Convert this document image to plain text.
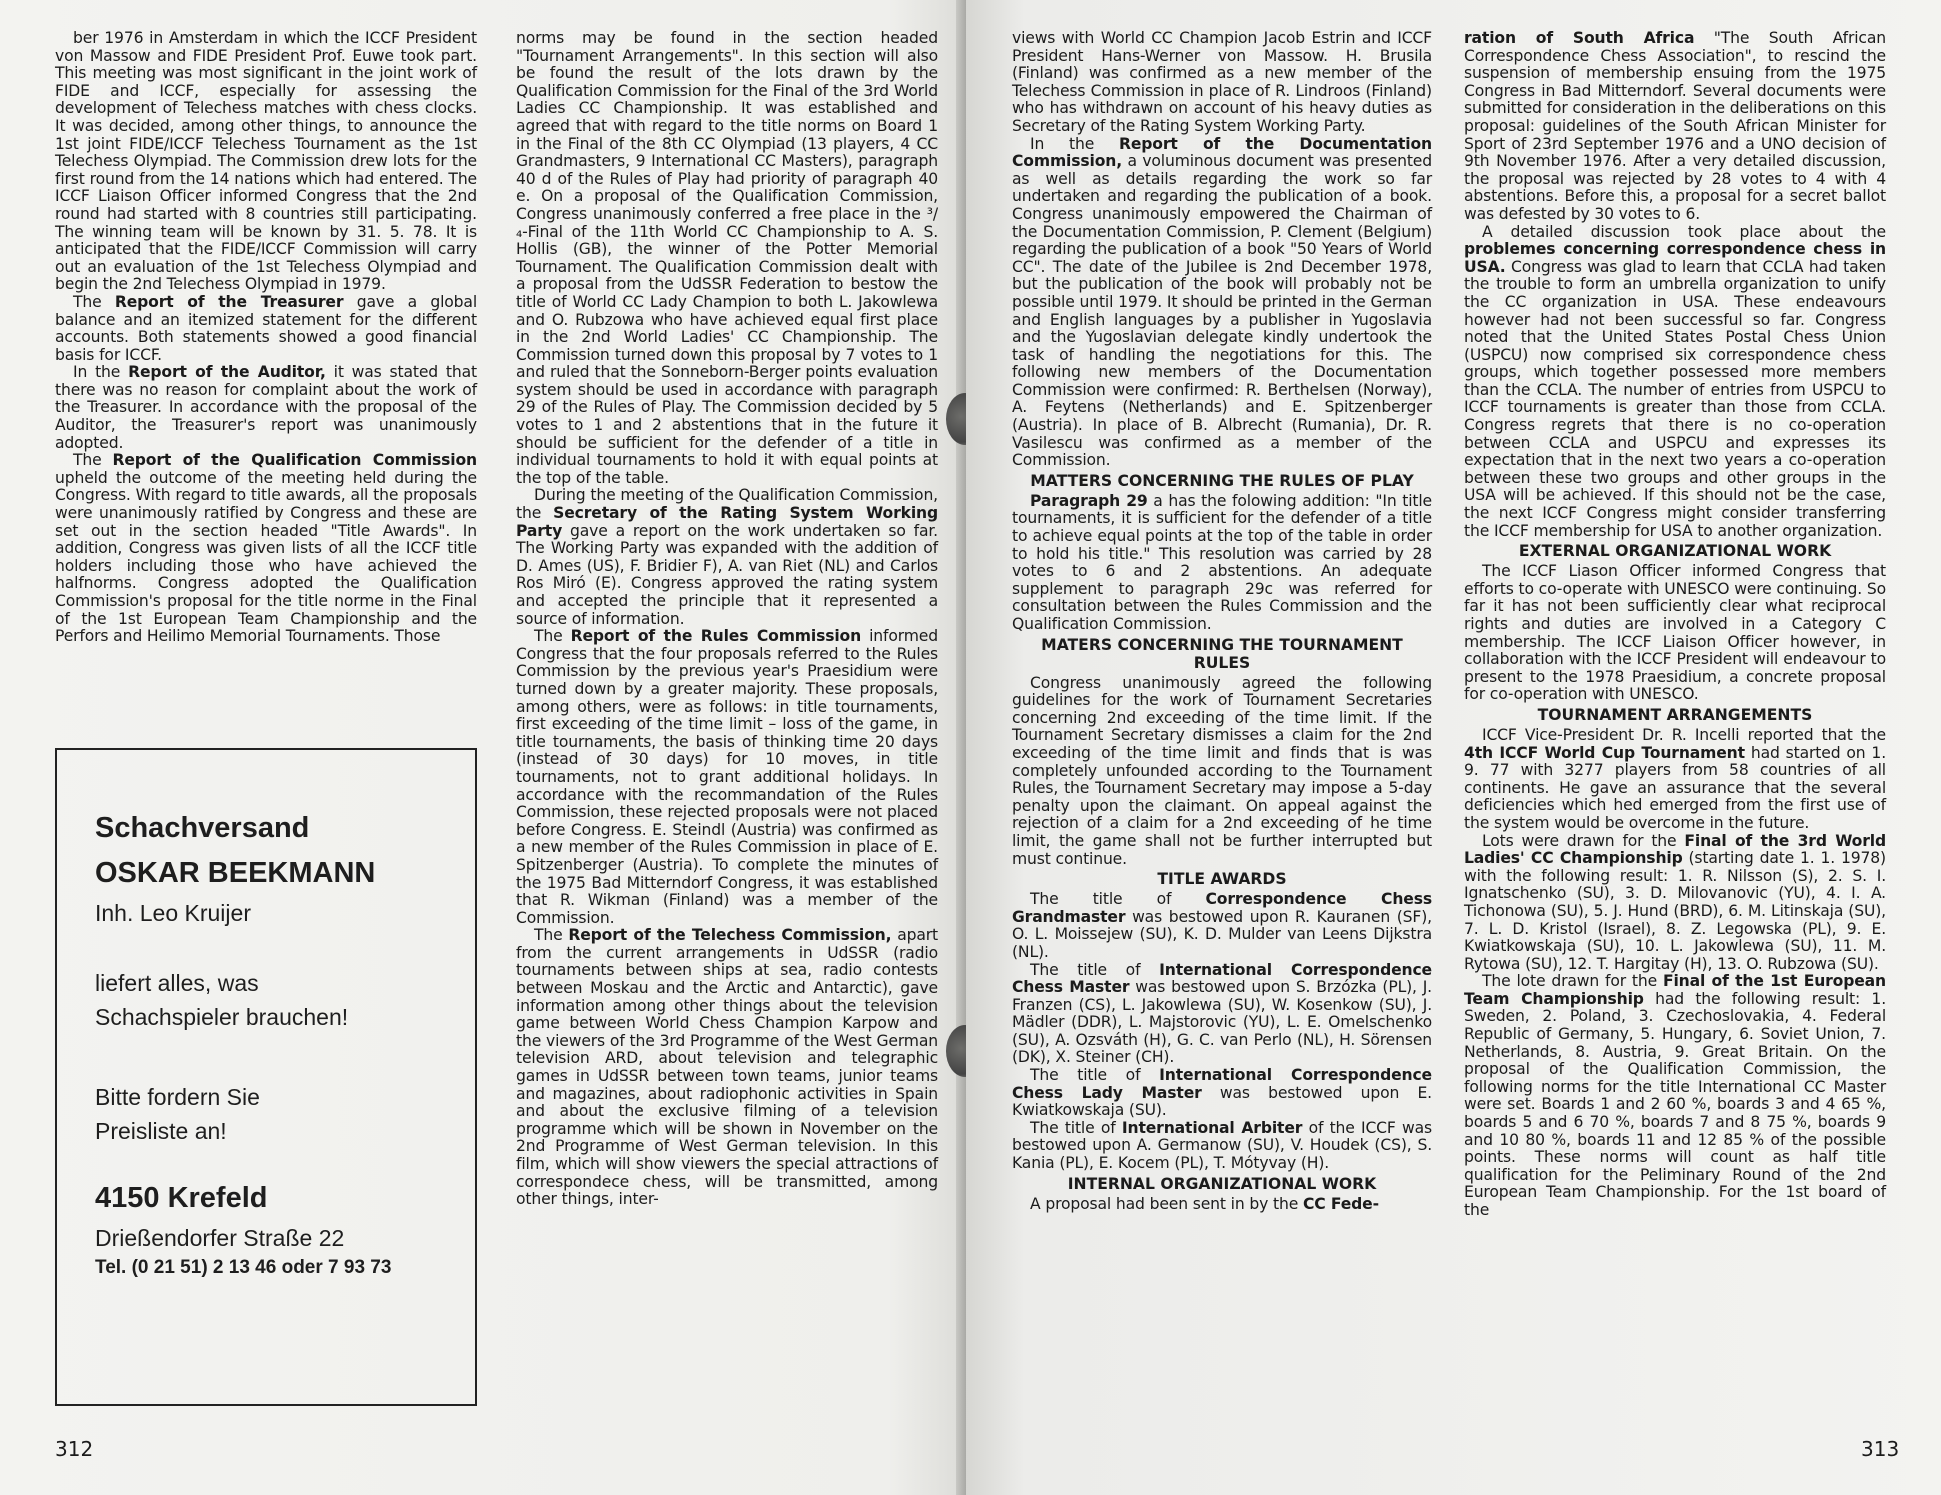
ber 1976 in Amsterdam in which the ICCF President von Massow and FIDE President Prof. Euwe took part. This meeting was most significant in the joint work of FIDE and ICCF, especially for assessing the development of Telechess matches with chess clocks. It was decided, among other things, to announce the 1st joint FIDE/ICCF Telechess Tournament as the 1st Telechess Olympiad. The Commission drew lots for the first round from the 14 nations which had entered. The ICCF Liaison Officer informed Congress that the 2nd round had started with 8 countries still participating. The winning team will be known by 31. 5. 78. It is anticipated that the FIDE/ICCF Commission will carry out an evaluation of the 1st Telechess Olympiad and begin the 2nd Telechess Olympiad in 1979.

The Report of the Treasurer gave a global balance and an itemized statement for the different accounts. Both statements showed a good financial basis for ICCF.

In the Report of the Auditor, it was stated that there was no reason for complaint about the work of the Treasurer. In accordance with the proposal of the Auditor, the Treasurer's report was unanimously adopted.

The Report of the Qualification Commission upheld the outcome of the meeting held during the Congress. With regard to title awards, all the proposals were unanimously ratified by Congress and these are set out in the section headed "Title Awards". In addition, Congress was given lists of all the ICCF title holders including those who have achieved the halfnorms. Congress adopted the Qualification Commission's proposal for the title norme in the Final of the 1st European Team Championship and the Perfors and Heilimo Memorial Tournaments. Those

Schachversand
OSKAR BEEKMANN
Inh. Leo Kruijer
liefert alles, was
Schachspieler brauchen!
Bitte fordern Sie
Preisliste an!
4150 Krefeld
Drießendorfer Straße 22
Tel. (0 21 51) 2 13 46 oder 7 93 73

norms may be found in the section headed "Tournament Arrangements". In this section will also be found the result of the lots drawn by the Qualification Commission for the Final of the 3rd World Ladies CC Championship. It was established and agreed that with regard to the title norms on Board 1 in the Final of the 8th CC Olympiad (13 players, 4 CC Grandmasters, 9 International CC Masters), paragraph 40 d of the Rules of Play had priority of paragraph 40 e. On a proposal of the Qualification Commission, Congress unanimously conferred a free place in the ³/₄-Final of the 11th World CC Championship to A. S. Hollis (GB), the winner of the Potter Memorial Tournament. The Qualification Commission dealt with a proposal from the UdSSR Federation to bestow the title of World CC Lady Champion to both L. Jakowlewa and O. Rubzowa who have achieved equal first place in the 2nd World Ladies' CC Championship. The Commission turned down this proposal by 7 votes to 1 and ruled that the Sonneborn-Berger points evaluation system should be used in accordance with paragraph 29 of the Rules of Play. The Commission decided by 5 votes to 1 and 2 abstentions that in the future it should be sufficient for the defender of a title in individual tournaments to hold it with equal points at the top of the table.

During the meeting of the Qualification Commission, the Secretary of the Rating System Working Party gave a report on the work undertaken so far. The Working Party was expanded with the addition of D. Ames (US), F. Bridier F), A. van Riet (NL) and Carlos Ros Miró (E). Congress approved the rating system and accepted the principle that it represented a source of information.

The Report of the Rules Commission informed Congress that the four proposals referred to the Rules Commission by the previous year's Praesidium were turned down by a greater majority. These proposals, among others, were as follows: in title tournaments, first exceeding of the time limit – loss of the game, in title tournaments, the basis of thinking time 20 days (instead of 30 days) for 10 moves, in title tournaments, not to grant additional holidays. In accordance with the recommandation of the Rules Commission, these rejected proposals were not placed before Congress. E. Steindl (Austria) was confirmed as a new member of the Rules Commission in place of E. Spitzenberger (Austria). To complete the minutes of the 1975 Bad Mitterndorf Congress, it was established that R. Wikman (Finland) was a member of the Commission.

The Report of the Telechess Commission, apart from the current arrangements in UdSSR (radio tournaments between ships at sea, radio contests between Moskau and the Arctic and Antarctic), gave information among other things about the television game between World Chess Champion Karpow and the viewers of the 3rd Programme of the West German television ARD, about television and telegraphic games in UdSSR between town teams, junior teams and magazines, about radiophonic activities in Spain and about the exclusive filming of a television programme which will be shown in November on the 2nd Programme of West German television. In this film, which will show viewers the special attractions of correspondece chess, will be transmitted, among other things, inter-

312

views with World CC Champion Jacob Estrin and ICCF President Hans-Werner von Massow. H. Brusila (Finland) was confirmed as a new member of the Telechess Commission in place of R. Lindroos (Finland) who has withdrawn on account of his heavy duties as Secretary of the Rating System Working Party.

In the Report of the Documentation Commission, a voluminous document was presented as well as details regarding the work so far undertaken and regarding the publication of a book. Congress unanimously empowered the Chairman of the Documentation Commission, P. Clement (Belgium) regarding the publication of a book "50 Years of World CC". The date of the Jubilee is 2nd December 1978, but the publication of the book will probably not be possible until 1979. It should be printed in the German and English languages by a publisher in Yugoslavia and the Yugoslavian delegate kindly undertook the task of handling the negotiations for this. The following new members of the Documentation Commission were confirmed: R. Berthelsen (Norway), A. Feytens (Netherlands) and E. Spitzenberger (Austria). In place of B. Albrecht (Rumania), Dr. R. Vasilescu was confirmed as a member of the Commission.

MATTERS CONCERNING THE RULES OF PLAY

Paragraph 29 a has the folowing addition: "In title tournaments, it is sufficient for the defender of a title to achieve equal points at the top of the table in order to hold his title." This resolution was carried by 28 votes to 6 and 2 abstentions. An adequate supplement to paragraph 29c was referred for consultation between the Rules Commission and the Qualification Commission.

MATERS CONCERNING THE TOURNAMENT RULES

Congress unanimously agreed the following guidelines for the work of Tournament Secretaries concerning 2nd exceeding of the time limit. If the Tournament Secretary dismisses a claim for the 2nd exceeding of the time limit and finds that is was completely unfounded according to the Tournament Rules, the Tournament Secretary may impose a 5-day penalty upon the claimant. On appeal against the rejection of a claim for a 2nd exceeding of he time limit, the game shall not be further interrupted but must continue.

TITLE AWARDS

The title of Correspondence Chess Grandmaster was bestowed upon R. Kauranen (SF), O. L. Moissejew (SU), K. D. Mulder van Leens Dijkstra (NL).

The title of International Correspondence Chess Master was bestowed upon S. Brzózka (PL), J. Franzen (CS), L. Jakowlewa (SU), W. Kosenkow (SU), J. Mädler (DDR), L. Majstorovic (YU), L. E. Omelschenko (SU), A. Ozsváth (H), G. C. van Perlo (NL), H. Sörensen (DK), X. Steiner (CH).

The title of International Correspondence Chess Lady Master was bestowed upon E. Kwiatkowskaja (SU).

The title of International Arbiter of the ICCF was bestowed upon A. Germanow (SU), V. Houdek (CS), S. Kania (PL), E. Kocem (PL), T. Mótyvay (H).

INTERNAL ORGANIZATIONAL WORK

A proposal had been sent in by the CC Fede-

ration of South Africa "The South African Correspondence Chess Association", to rescind the suspension of membership ensuing from the 1975 Congress in Bad Mitterndorf. Several documents were submitted for consideration in the deliberations on this proposal: guidelines of the South African Minister for Sport of 23rd September 1976 and a UNO decision of 9th November 1976. After a very detailed discussion, the proposal was rejected by 28 votes to 4 with 4 abstentions. Before this, a proposal for a secret ballot was defested by 30 votes to 6.

A detailed discussion took place about the problemes concerning correspondence chess in USA. Congress was glad to learn that CCLA had taken the trouble to form an umbrella organization to unify the CC organization in USA. These endeavours however had not been successful so far. Congress noted that the United States Postal Chess Union (USPCU) now comprised six correspondence chess groups, which together possessed more members than the CCLA. The number of entries from USPCU to ICCF tournaments is greater than those from CCLA. Congress regrets that there is no co-operation between CCLA and USPCU and expresses its expectation that in the next two years a co-operation between these two groups and other groups in the USA will be achieved. If this should not be the case, the next ICCF Congress might consider transferring the ICCF membership for USA to another organization.

EXTERNAL ORGANIZATIONAL WORK

The ICCF Liason Officer informed Congress that efforts to co-operate with UNESCO were continuing. So far it has not been sufficiently clear what reciprocal rights and duties are involved in a Category C membership. The ICCF Liaison Officer however, in collaboration with the ICCF President will endeavour to present to the 1978 Praesidium, a concrete proposal for co-operation with UNESCO.

TOURNAMENT ARRANGEMENTS

ICCF Vice-President Dr. R. Incelli reported that the 4th ICCF World Cup Tournament had started on 1. 9. 77 with 3277 players from 58 countries of all continents. He gave an assurance that the several deficiencies which hed emerged from the first use of the system would be overcome in the future.

Lots were drawn for the Final of the 3rd World Ladies' CC Championship (starting date 1. 1. 1978) with the following result: 1. R. Nilsson (S), 2. S. I. Ignatschenko (SU), 3. D. Milovanovic (YU), 4. I. A. Tichonowa (SU), 5. J. Hund (BRD), 6. M. Litinskaja (SU), 7. L. D. Kristol (Israel), 8. Z. Legowska (PL), 9. E. Kwiatkowskaja (SU), 10. L. Jakowlewa (SU), 11. M. Rytowa (SU), 12. T. Hargitay (H), 13. O. Rubzowa (SU).

The lote drawn for the Final of the 1st European Team Championship had the following result: 1. Sweden, 2. Poland, 3. Czechoslovakia, 4. Federal Republic of Germany, 5. Hungary, 6. Soviet Union, 7. Netherlands, 8. Austria, 9. Great Britain. On the proposal of the Qualification Commission, the following norms for the title International CC Master were set. Boards 1 and 2 60 %, boards 3 and 4 65 %, boards 5 and 6 70 %, boards 7 and 8 75 %, boards 9 and 10 80 %, boards 11 and 12 85 % of the possible points. These norms will count as half title qualification for the Peliminary Round of the 2nd European Team Championship. For the 1st board of the

313
